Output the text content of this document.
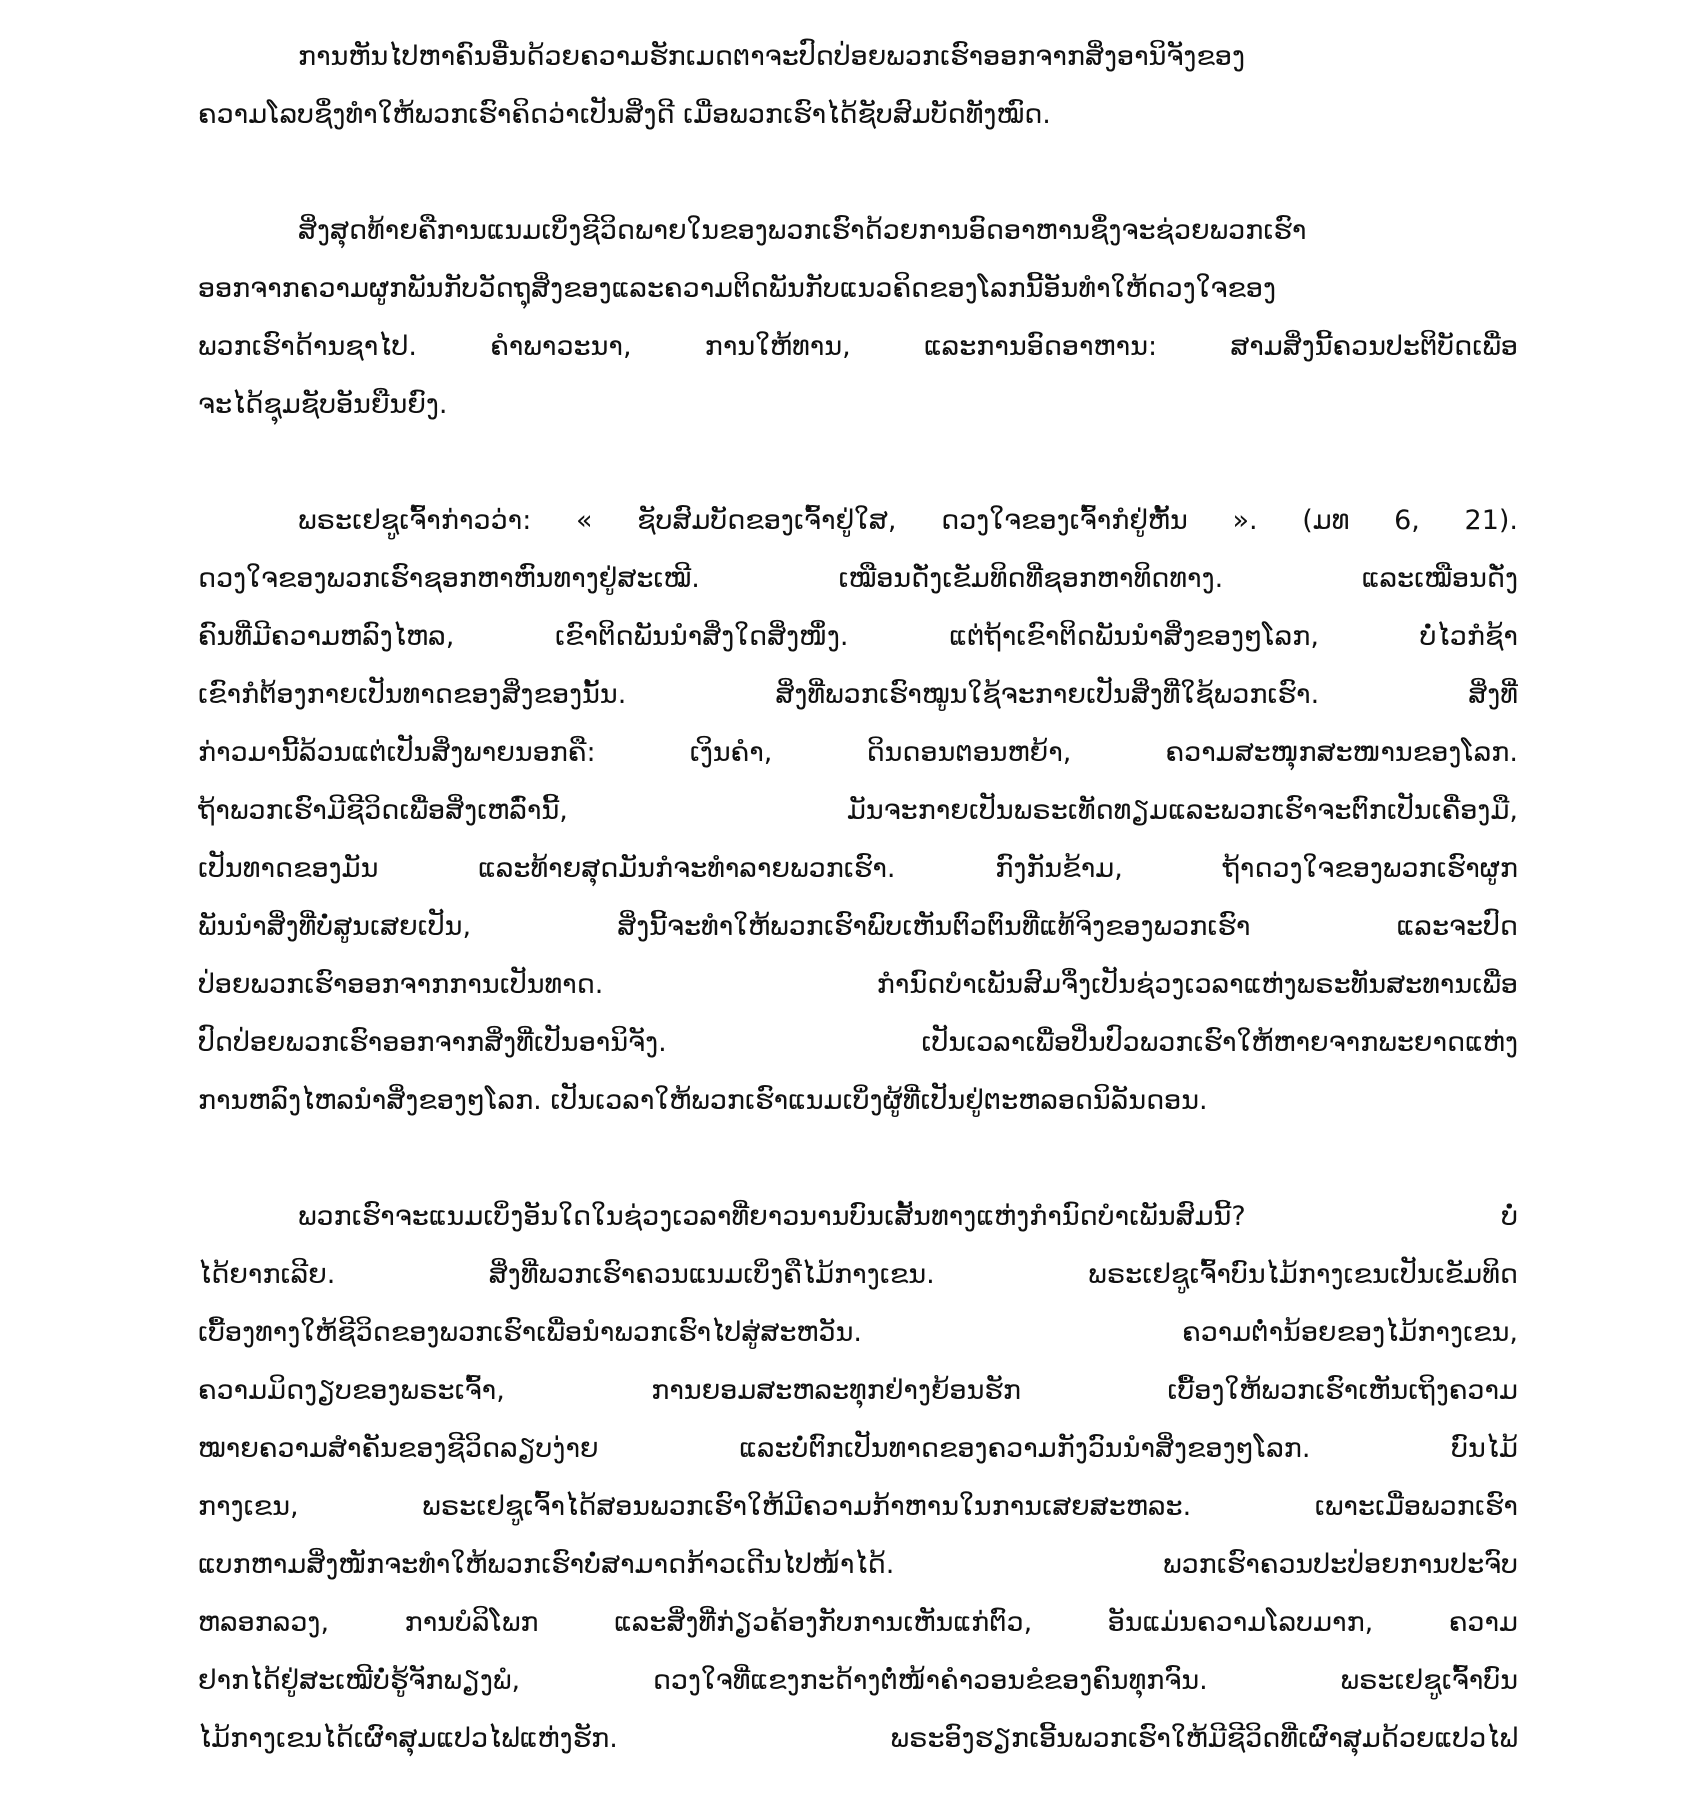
ການຫັນໄປຫາຄົນອື່ນດ້ວຍຄວາມຮັກເມດຕາຈະປົດປ່ອຍພວກເຮົາອອກຈາກສິ່ງອານິຈັງຂອງ
ຄວາມໂລບຊຶ່ງທຳໃຫ້ພວກເຮົາຄິດວ່າເປັນສິ່ງດີ ເມື່ອພວກເຮົາໄດ້ຊັບສົມບັດທັງໝົດ.
ສິ່ງສຸດທ້າຍຄືການແນມເບິ່ງຊີວິດພາຍໃນຂອງພວກເຮົາດ້ວຍການອົດອາຫານຊຶ່ງຈະຊ່ວຍພວກເຮົາ
ອອກຈາກຄວາມຜູກພັນກັບວັດຖຸສິ່ງຂອງແລະຄວາມຕິດພັນກັບແນວຄິດຂອງໂລກນີ້ອັນທຳໃຫ້ດວງໃຈຂອງ
ພວກເຮົາດ້ານຊາໄປ. ຄຳພາວະນາ, ການໃຫ້ທານ, ແລະການອົດອາຫານ: ສາມສິ່ງນີ້ຄວນປະຕິບັດເພື່ອ
ຈະໄດ້ຊຸມຊັບອັນຍືນຍົງ.
ພຣະເຢຊູເຈົ້າກ່າວວ່າ: « ຊັບສົມບັດຂອງເຈົ້າຢູ່ໃສ, ດວງໃຈຂອງເຈົ້າກໍຢູ່ຫັ້ນ ». (ມທ 6, 21).
ດວງໃຈຂອງພວກເຮົາຊອກຫາຫົນທາງຢູ່ສະເໝີ. ເໝືອນດັ່ງເຂັມທິດທີ່ຊອກຫາທິດທາງ. ແລະເໝືອນດັ່ງ
ຄົນທີ່ມີຄວາມຫລົງໄຫລ, ເຂົາຕິດພັນນຳສິ່ງໃດສິ່ງໜຶ່ງ. ແຕ່ຖ້າເຂົາຕິດພັນນຳສິ່ງຂອງໆໂລກ, ບໍ່ໄວກໍຊ້າ
ເຂົາກໍຕ້ອງກາຍເປັນທາດຂອງສິ່ງຂອງນັ້ນ. ສິ່ງທີ່ພວກເຮົາໝູນໃຊ້ຈະກາຍເປັນສິ່ງທີ່ໃຊ້ພວກເຮົາ. ສິ່ງທີ່
ກ່າວມານີ້ລ້ວນແຕ່ເປັນສິ່ງພາຍນອກຄື: ເງິນຄຳ, ດິນດອນຕອນຫຍ້າ, ຄວາມສະໜຸກສະໜານຂອງໂລກ.
ຖ້າພວກເຮົາມີຊີວິດເພື່ອສິ່ງເຫລົ່ານີ້, ມັນຈະກາຍເປັນພຣະເທັດທຽມແລະພວກເຮົາຈະຕົກເປັນເຄື່ອງມື,
ເປັນທາດຂອງມັນ ແລະທ້າຍສຸດມັນກໍຈະທຳລາຍພວກເຮົາ. ກົງກັນຂ້າມ, ຖ້າດວງໃຈຂອງພວກເຮົາຜູກ
ພັນນຳສິ່ງທີ່ບໍ່ສູນເສຍເປັນ, ສິ່ງນີ້ຈະທຳໃຫ້ພວກເຮົາພົບເຫັນຕົວຕົນທີ່ແທ້ຈິງຂອງພວກເຮົາ ແລະຈະປົດ
ປ່ອຍພວກເຮົາອອກຈາກການເປັນທາດ. ກຳນົດບຳເພັນສົມຈຶ່ງເປັນຊ່ວງເວລາແຫ່ງພຣະທັນສະທານເພື່ອ
ປົດປ່ອຍພວກເຮົາອອກຈາກສິ່ງທີ່ເປັນອານິຈັງ. ເປັນເວລາເພື່ອປິ່ນປົວພວກເຮົາໃຫ້ຫາຍຈາກພະຍາດແຫ່ງ
ການຫລົງໄຫລນຳສິ່ງຂອງໆໂລກ. ເປັນເວລາໃຫ້ພວກເຮົາແນມເບິ່ງຜູ້ທີ່ເປັນຢູ່ຕະຫລອດນິລັນດອນ.
ພວກເຮົາຈະແນມເບິ່ງອັນໃດໃນຊ່ວງເວລາທີ່ຍາວນານບົນເສັ້ນທາງແຫ່ງກຳນົດບຳເພັນສົມນີ້? ບໍ່
ໄດ້ຍາກເລີຍ. ສິ່ງທີ່ພວກເຮົາຄວນແນມເບິ່ງຄືໄມ້ກາງເຂນ. ພຣະເຢຊູເຈົ້າບົນໄມ້ກາງເຂນເປັນເຂັມທິດ
ເບື້ອງທາງໃຫ້ຊີວິດຂອງພວກເຮົາເພື່ອນຳພວກເຮົາໄປສູ່ສະຫວັນ. ຄວາມຕ່ຳນ້ອຍຂອງໄມ້ກາງເຂນ,
ຄວາມມິດງຽບຂອງພຣະເຈົ້າ, ການຍອມສະຫລະທຸກຢ່າງຍ້ອນຮັກ ເບື້ອງໃຫ້ພວກເຮົາເຫັນເຖິງຄວາມ
ໝາຍຄວາມສຳຄັນຂອງຊີວິດລຽບງ່າຍ ແລະບໍ່ຕົກເປັນທາດຂອງຄວາມກັງວົນນຳສິ່ງຂອງໆໂລກ. ບົນໄມ້
ກາງເຂນ, ພຣະເຢຊູເຈົ້າໄດ້ສອນພວກເຮົາໃຫ້ມີຄວາມກ້າຫານໃນການເສຍສະຫລະ. ເພາະເມື່ອພວກເຮົາ
ແບກຫາມສິ່ງໜັກຈະທຳໃຫ້ພວກເຮົາບໍ່ສາມາດກ້າວເດີນໄປໜ້າໄດ້. ພວກເຮົາຄວນປະປ່ອຍການປະຈົບ
ຫລອກລວງ, ການບໍລິໂພກ ແລະສິ່ງທີ່ກ່ຽວຄ້ອງກັບການເຫັນແກ່ຕົວ, ອັນແມ່ນຄວາມໂລບມາກ, ຄວາມ
ຢາກໄດ້ຢູ່ສະເໝີບໍ່ຮູ້ຈັກພຽງພໍ, ດວງໃຈທີ່ແຂງກະດ້າງຕໍ່ໜ້າຄຳວອນຂໍຂອງຄົນທຸກຈົນ. ພຣະເຢຊູເຈົ້າບົນ
ໄມ້ກາງເຂນໄດ້ເຜົາສຸມແປວໄຟແຫ່ງຮັກ. ພຣະອົງຮຽກເອີ້ນພວກເຮົາໃຫ້ມີຊີວິດທີ່ເຜົາສຸມດ້ວຍແປວໄຟ
